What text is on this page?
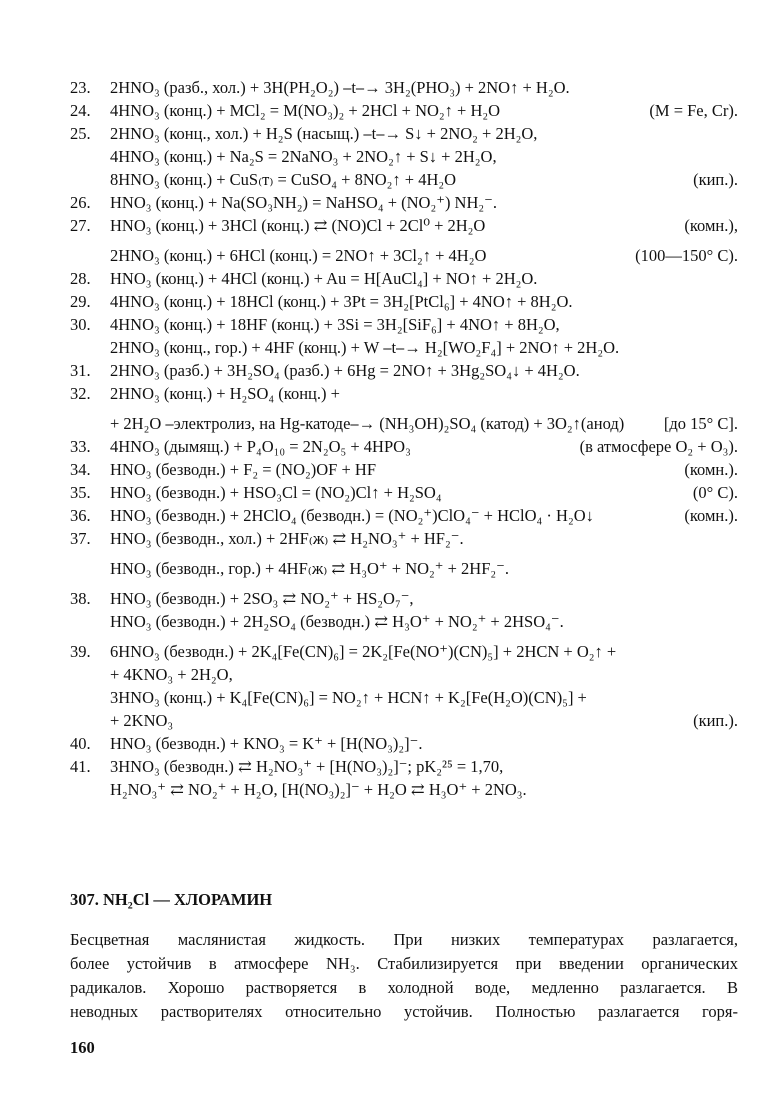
23.	2HNO₃ (разб., хол.) + 3H(PH₂O₂) ⎯t⎯→ 3H₂(PHO₃) + 2NO↑ + H₂O.
24.	4HNO₃ (конц.) + MCl₂ = M(NO₃)₂ + 2HCl + NO₂↑ + H₂O	(M = Fe, Cr).
25.	2HNO₃ (конц., хол.) + H₂S (насыщ.) ⎯t⎯→ S↓ + 2NO₂ + 2H₂O,
4HNO₃ (конц.) + Na₂S = 2NaNO₃ + 2NO₂↑ + S↓ + 2H₂O,
8HNO₃ (конц.) + CuS₍т₎ = CuSO₄ + 8NO₂↑ + 4H₂O	(кип.).
26.	HNO₃ (конц.) + Na(SO₃NH₂) = NaHSO₄ + (NO₂⁺) NH₂⁻.
27.	HNO₃ (конц.) + 3HCl (конц.) ⇄ (NO)Cl + 2Cl⁰ + 2H₂O	(комн.),
2HNO₃ (конц.) + 6HCl (конц.) = 2NO↑ + 3Cl₂↑ + 4H₂O	(100—150° C).
28.	HNO₃ (конц.) + 4HCl (конц.) + Au = H[AuCl₄] + NO↑ + 2H₂O.
29.	4HNO₃ (конц.) + 18HCl (конц.) + 3Pt = 3H₂[PtCl₆] + 4NO↑ + 8H₂O.
30.	4HNO₃ (конц.) + 18HF (конц.) + 3Si = 3H₂[SiF₆] + 4NO↑ + 8H₂O,
2HNO₃ (конц., гор.) + 4HF (конц.) + W ⎯t⎯→ H₂[WO₂F₄] + 2NO↑ + 2H₂O.
31.	2HNO₃ (разб.) + 3H₂SO₄ (разб.) + 6Hg = 2NO↑ + 3Hg₂SO₄↓ + 4H₂O.
32.	2HNO₃ (конц.) + H₂SO₄ (конц.) +
+ 2H₂O ⎯электролиз, на Hg-катоде⎯→ (NH₃OH)₂SO₄ (катод) + 3O₂↑(анод) [до 15° C].
33.	4HNO₃ (дымящ.) + P₄O₁₀ = 2N₂O₅ + 4HPO₃	(в атмосфере O₂ + O₃).
34.	HNO₃ (безводн.) + F₂ = (NO₂)OF + HF	(комн.).
35.	HNO₃ (безводн.) + HSO₃Cl = (NO₂)Cl↑ + H₂SO₄	(0° C).
36.	HNO₃ (безводн.) + 2HClO₄ (безводн.) = (NO₂⁺)ClO₄⁻ + HClO₄ · H₂O↓	(комн.).
37.	HNO₃ (безводн., хол.) + 2HF₍ж₎ ⇄ H₂NO₃⁺ + HF₂⁻.
HNO₃ (безводн., гор.) + 4HF₍ж₎ ⇄ H₃O⁺ + NO₂⁺ + 2HF₂⁻.
38.	HNO₃ (безводн.) + 2SO₃ ⇄ NO₂⁺ + HS₂O₇⁻,
HNO₃ (безводн.) + 2H₂SO₄ (безводн.) ⇄ H₃O⁺ + NO₂⁺ + 2HSO₄⁻.
39.	6HNO₃ (безводн.) + 2K₄[Fe(CN)₆] = 2K₂[Fe(NO⁺)(CN)₅] + 2HCN + O₂↑ +
+ 4KNO₃ + 2H₂O,
3HNO₃ (конц.) + K₄[Fe(CN)₆] = NO₂↑ + HCN↑ + K₂[Fe(H₂O)(CN)₅] +
+ 2KNO₃	(кип.).
40.	HNO₃ (безводн.) + KNO₃ = K⁺ + [H(NO₃)₂]⁻.
41.	3HNO₃ (безводн.) ⇄ H₂NO₃⁺ + [H(NO₃)₂]⁻; pK₂²⁵ = 1,70,
H₂NO₃⁺ ⇄ NO₂⁺ + H₂O, [H(NO₃)₂]⁻ + H₂O ⇄ H₃O⁺ + 2NO₃.
307. NH₂Cl — ХЛОРАМИН
Бесцветная маслянистая жидкость. При низких температурах разлагается,
более устойчив в атмосфере NH₃. Стабилизируется при введении органических
радикалов. Хорошо растворяется в холодной воде, медленно разлагается. В
неводных растворителях относительно устойчив. Полностью разлагается горя-
160
